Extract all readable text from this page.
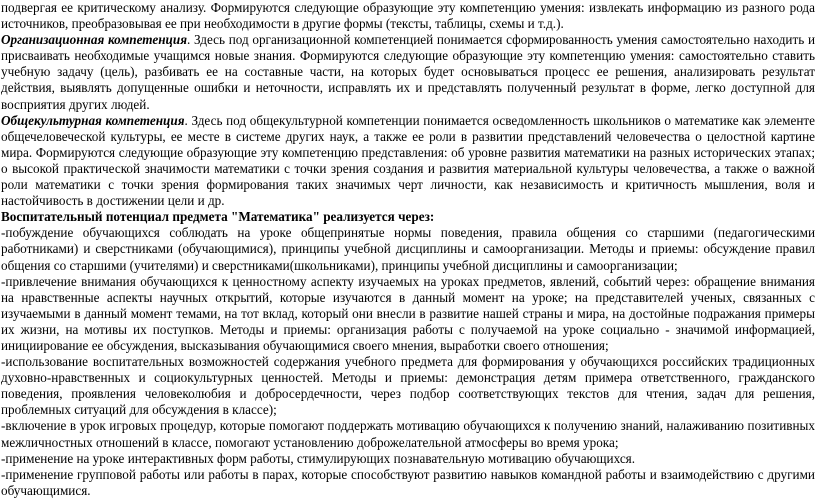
подвергая ее критическому анализу. Формируются следующие образующие эту компетенцию умения: извлекать информацию из разного рода источников, преобразовывая ее при необходимости в другие формы (тексты, таблицы, схемы и т.д.).

Организационная компетенция. Здесь под организационной компетенцией понимается сформированность умения самостоятельно находить и присваивать необходимые учащимся новые знания. Формируются следующие образующие эту компетенцию умения: самостоятельно ставить учебную задачу (цель), разбивать ее на составные части, на которых будет основываться процесс ее решения, анализировать результат действия, выявлять допущенные ошибки и неточности, исправлять их и представлять полученный результат в форме, легко доступной для восприятия других людей.

Общекультурная компетенция. Здесь под общекультурной компетенции понимается осведомленность школьников о математике как элементе общечеловеческой культуры, ее месте в системе других наук, а также ее роли в развитии представлений человечества о целостной картине мира. Формируются следующие образующие эту компетенцию представления: об уровне развития математики на разных исторических этапах; о высокой практической значимости математики с точки зрения создания и развития материальной культуры человечества, а также о важной роли математики с точки зрения формирования таких значимых черт личности, как независимость и критичность мышления, воля и настойчивость в достижении цели и др.

Воспитательный потенциал предмета "Математика" реализуется через:

-побуждение обучающихся соблюдать на уроке общепринятые нормы поведения, правила общения со старшими (педагогическими работниками) и сверстниками (обучающимися), принципы учебной дисциплины и самоорганизации. Методы и приемы: обсуждение правил общения со старшими (учителями) и сверстниками(школьниками), принципы учебной дисциплины и самоорганизации;

-привлечение внимания обучающихся к ценностному аспекту изучаемых на уроках предметов, явлений, событий через: обращение внимания на нравственные аспекты научных открытий, которые изучаются в данный момент на уроке; на представителей ученых, связанных с изучаемыми в данный момент темами, на тот вклад, который они внесли в развитие нашей страны и мира, на достойные подражания примеры их жизни, на мотивы их поступков. Методы и приемы: организация работы с получаемой на уроке социально - значимой информацией, инициирование ее обсуждения, высказывания обучающимися своего мнения, выработки своего отношения;

-использование воспитательных возможностей содержания учебного предмета для формирования у обучающихся российских традиционных духовно-нравственных и социокультурных ценностей. Методы и приемы: демонстрация детям примера ответственного, гражданского поведения, проявления человеколюбия и добросердечности, через подбор соответствующих текстов для чтения, задач для решения, проблемных ситуаций для обсуждения в классе);

-включение в урок игровых процедур, которые помогают поддержать мотивацию обучающихся к получению знаний, налаживанию позитивных межличностных отношений в классе, помогают установлению доброжелательной атмосферы во время урока;

-применение на уроке интерактивных форм работы, стимулирующих познавательную мотивацию обучающихся.

-применение групповой работы или работы в парах, которые способствуют развитию навыков командной работы и взаимодействию с другими обучающимися.
